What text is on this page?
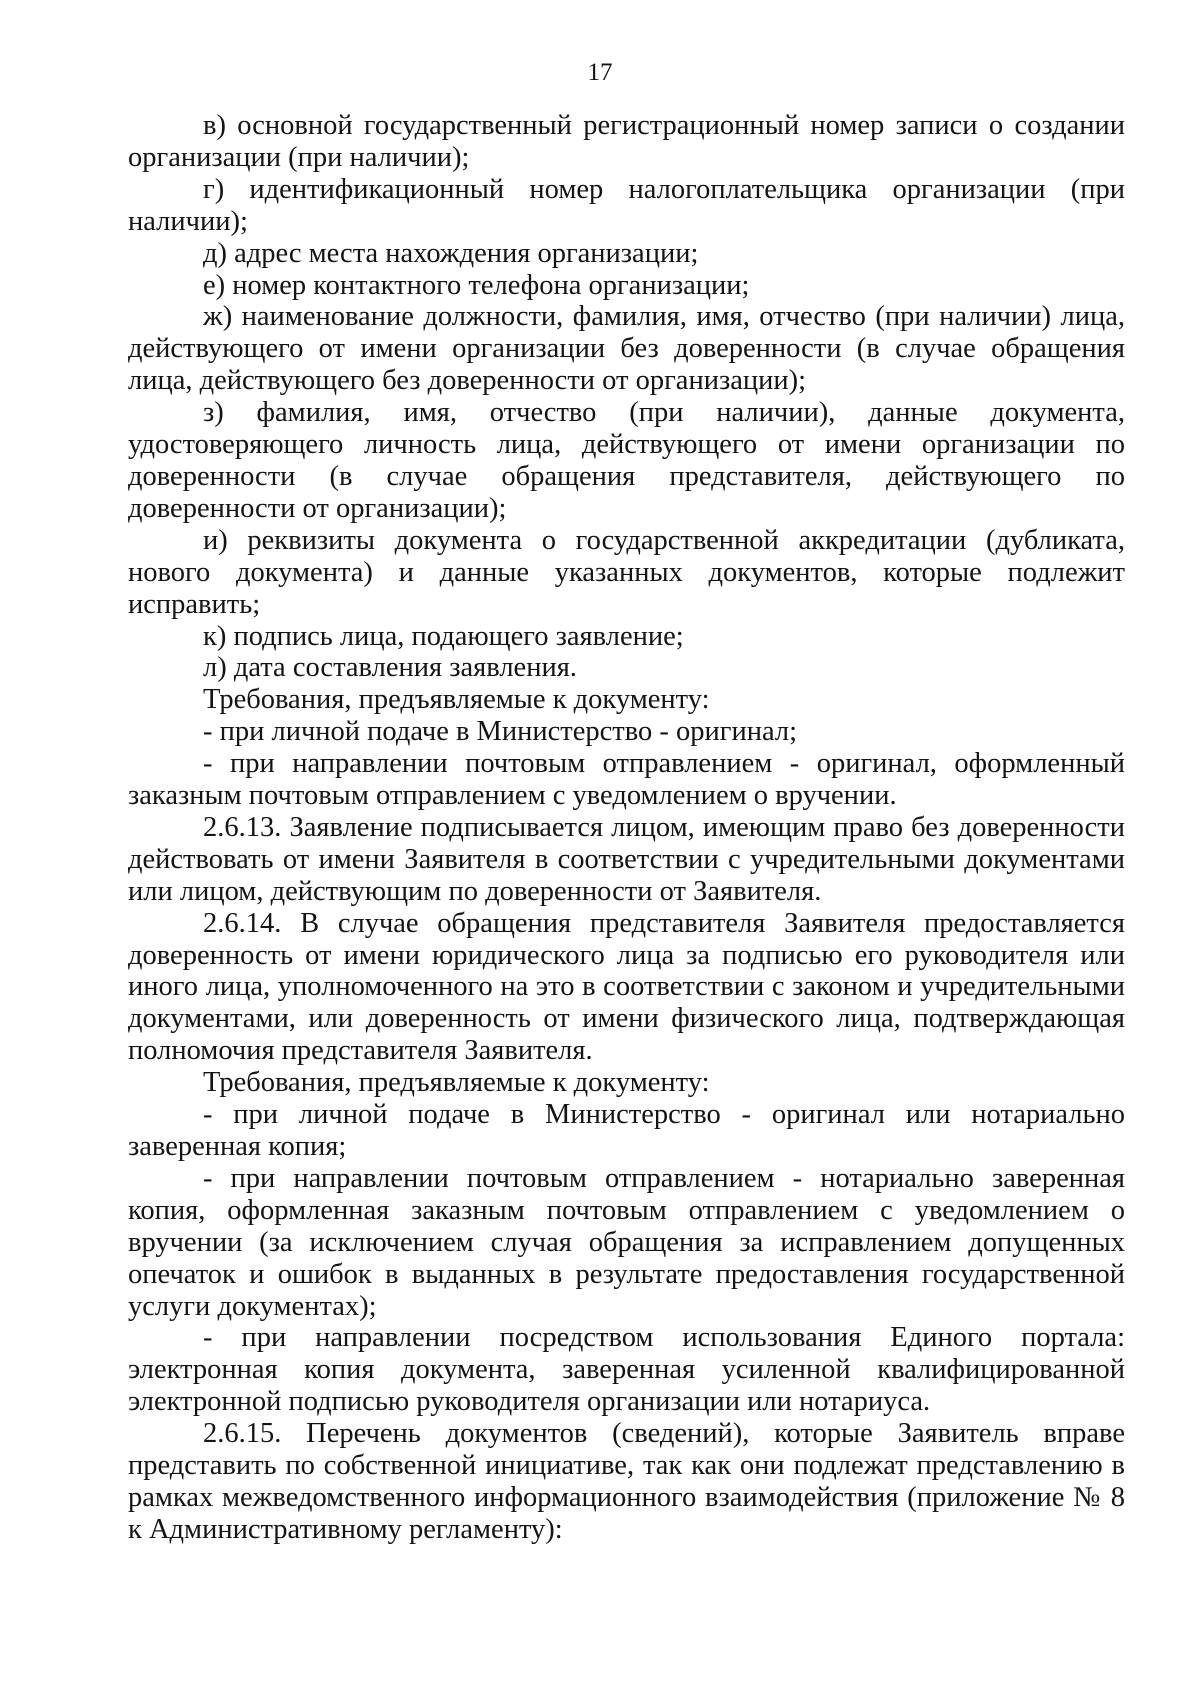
17

в) основной государственный регистрационный номер записи о создании организации (при наличии);

г) идентификационный номер налогоплательщика организации (при наличии);

д) адрес места нахождения организации;

е) номер контактного телефона организации;

ж) наименование должности, фамилия, имя, отчество (при наличии) лица, действующего от имени организации без доверенности (в случае обращения лица, действующего без доверенности от организации);

з) фамилия, имя, отчество (при наличии), данные документа, удостоверяющего личность лица, действующего от имени организации по доверенности (в случае обращения представителя, действующего по доверенности от организации);

и) реквизиты документа о государственной аккредитации (дубликата, нового документа) и данные указанных документов, которые подлежит исправить;

к) подпись лица, подающего заявление;

л) дата составления заявления.

Требования, предъявляемые к документу:

- при личной подаче в Министерство - оригинал;

- при направлении почтовым отправлением - оригинал, оформленный заказным почтовым отправлением с уведомлением о вручении.

2.6.13. Заявление подписывается лицом, имеющим право без доверенности действовать от имени Заявителя в соответствии с учредительными документами или лицом, действующим по доверенности от Заявителя.

2.6.14. В случае обращения представителя Заявителя предоставляется доверенность от имени юридического лица за подписью его руководителя или иного лица, уполномоченного на это в соответствии с законом и учредительными документами, или доверенность от имени физического лица, подтверждающая полномочия представителя Заявителя.

Требования, предъявляемые к документу:

- при личной подаче в Министерство - оригинал или нотариально заверенная копия;

- при направлении почтовым отправлением - нотариально заверенная копия, оформленная заказным почтовым отправлением с уведомлением о вручении (за исключением случая обращения за исправлением допущенных опечаток и ошибок в выданных в результате предоставления государственной услуги документах);

- при направлении посредством использования Единого портала: электронная копия документа, заверенная усиленной квалифицированной электронной подписью руководителя организации или нотариуса.

2.6.15. Перечень документов (сведений), которые Заявитель вправе представить по собственной инициативе, так как они подлежат представлению в рамках межведомственного информационного взаимодействия (приложение № 8 к Административному регламенту):
